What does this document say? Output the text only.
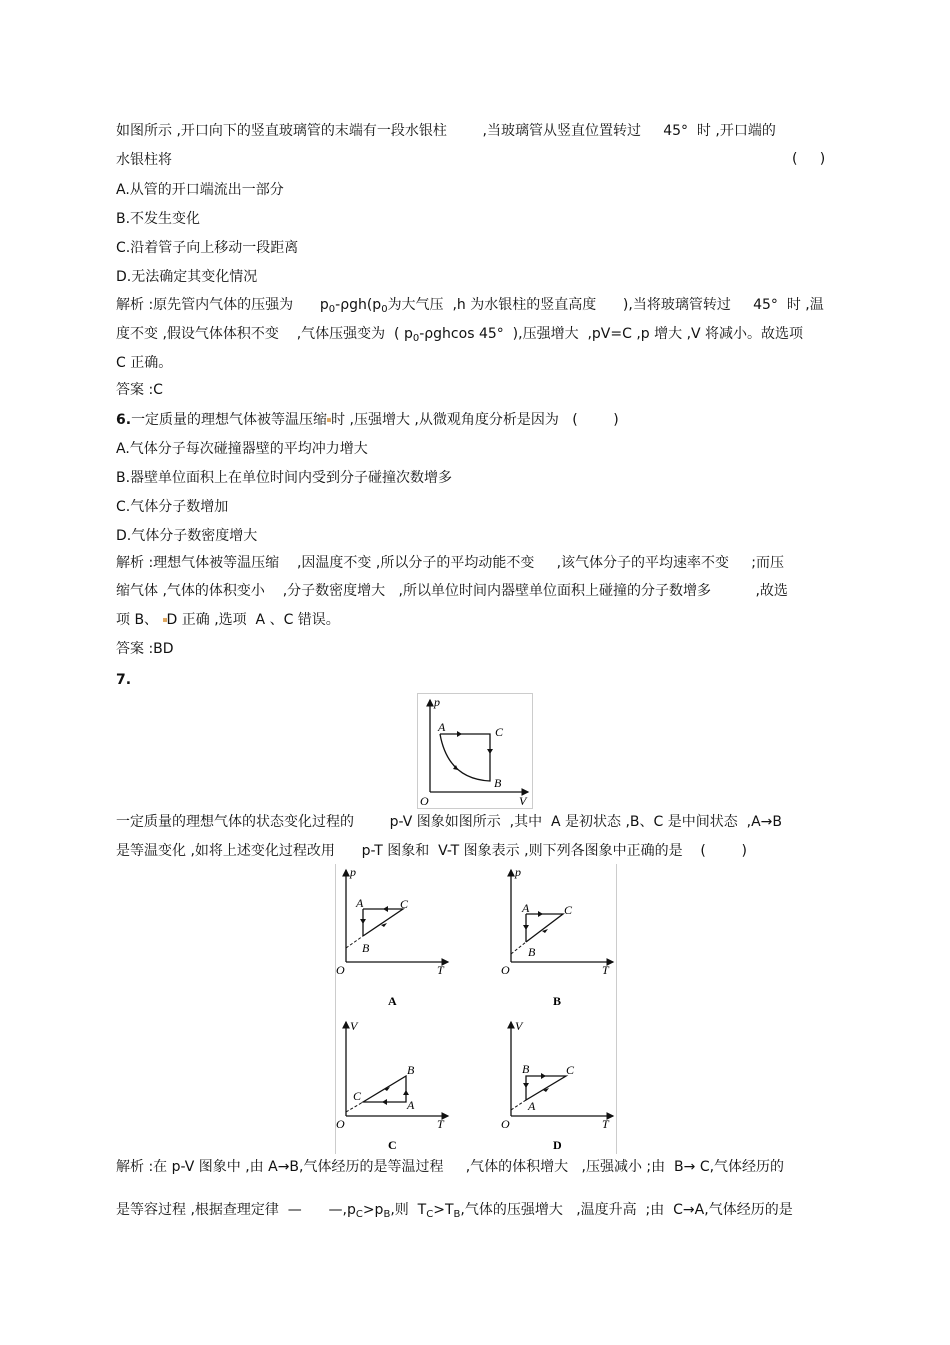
如图所示 ,开口向下的竖直玻璃管的末端有一段水银柱        ,当玻璃管从竖直位置转过     45°  时 ,开口端的
水银柱将	(     )
A.从管的开口端流出一部分
B.不发生变化
C.沿着管子向上移动一段距离
D.无法确定其变化情况
解析 :原先管内气体的压强为      $p_0-\rho gh(p_0$为大气压  ,h 为水银柱的竖直高度      ),当将玻璃管转过     45°  时 ,温
度不变 ,假设气体体积不变    ,气体压强变为  ( $p_0$-ρghcos 45°  ),压强增大  ,pV=C ,p 增大 ,V 将减小。故选项
C 正确。
答案 :C
6.一定质量的理想气体被等温压缩 时 ,压强增大 ,从微观角度分析是因为   (        )
A.气体分子每次碰撞器壁的平均冲力增大
B.器壁单位面积上在单位时间内受到分子碰撞次数增多
C.气体分子数增加
D.气体分子数密度增大
解析 :理想气体被等温压缩    ,因温度不变 ,所以分子的平均动能不变     ,该气体分子的平均速率不变     ;而压
缩气体 ,气体的体积变小    ,分子数密度增大   ,所以单位时间内器壁单位面积上碰撞的分子数增多          ,故选
项 B、 D 正确 ,选项  A 、C 错误。
答案 :BD
7.
O
p
V
A
B
C
一定质量的理想气体的状态变化过程的        p-V 图象如图所示  ,其中  A 是初状态 ,B、C 是中间状态  ,A→B
是等温变化 ,如将上述变化过程改用      p-T 图象和  V-T 图象表示 ,则下列各图象中正确的是    (        )
O
p
T
A
B
C
A
O
p
T
A
B
C
B
O
V
T
A
B
C
C
O
V
T
A
B	C
D
解析 :在 p-V 图象中 ,由 A→B,气体经历的是等温过程     ,气体的体积增大   ,压强减小 ;由  B→ C,气体经历的
是等容过程 ,根据查理定律  —      $—,p_C>p_B$,则  $T_C>T_B$,气体的压强增大   ,温度升高  ;由  C→A,气体经历的是
